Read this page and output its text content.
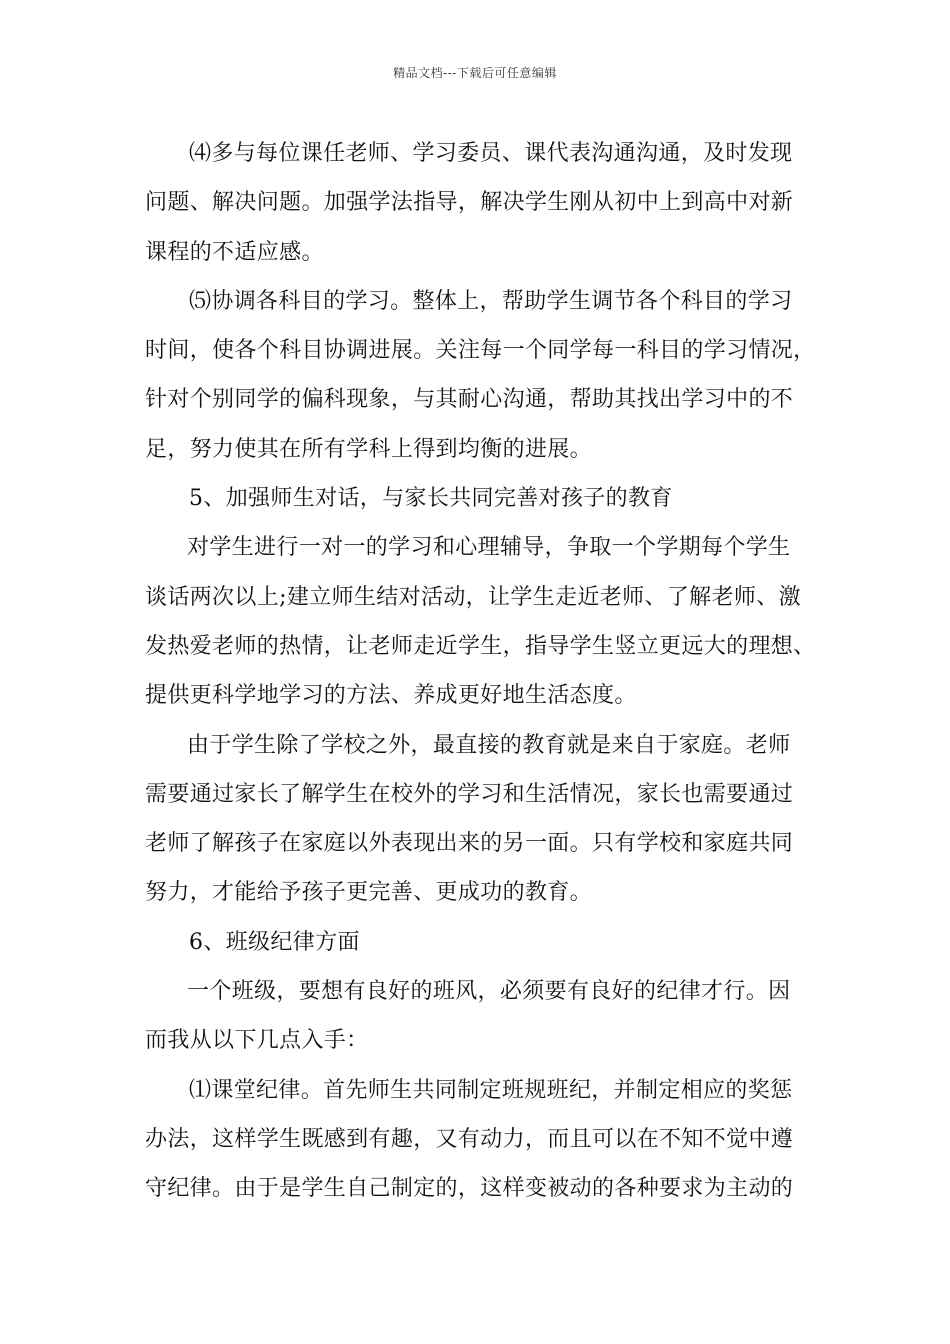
精品文档---下载后可任意编辑
⑷多与每位课任老师、学习委员、课代表沟通沟通，及时发现
问题、解决问题。加强学法指导，解决学生刚从初中上到高中对新
课程的不适应感。
⑸协调各科目的学习。整体上，帮助学生调节各个科目的学习
时间，使各个科目协调进展。关注每一个同学每一科目的学习情况，
针对个别同学的偏科现象，与其耐心沟通，帮助其找出学习中的不
足，努力使其在所有学科上得到均衡的进展。
5、加强师生对话，与家长共同完善对孩子的教育
对学生进行一对一的学习和心理辅导，争取一个学期每个学生
谈话两次以上;建立师生结对活动，让学生走近老师、了解老师、激
发热爱老师的热情，让老师走近学生，指导学生竖立更远大的理想、
提供更科学地学习的方法、养成更好地生活态度。
由于学生除了学校之外，最直接的教育就是来自于家庭。老师
需要通过家长了解学生在校外的学习和生活情况，家长也需要通过
老师了解孩子在家庭以外表现出来的另一面。只有学校和家庭共同
努力，才能给予孩子更完善、更成功的教育。
6、班级纪律方面
一个班级，要想有良好的班风，必须要有良好的纪律才行。因
而我从以下几点入手：
⑴课堂纪律。首先师生共同制定班规班纪，并制定相应的奖惩
办法，这样学生既感到有趣，又有动力，而且可以在不知不觉中遵
守纪律。由于是学生自己制定的，这样变被动的各种要求为主动的
